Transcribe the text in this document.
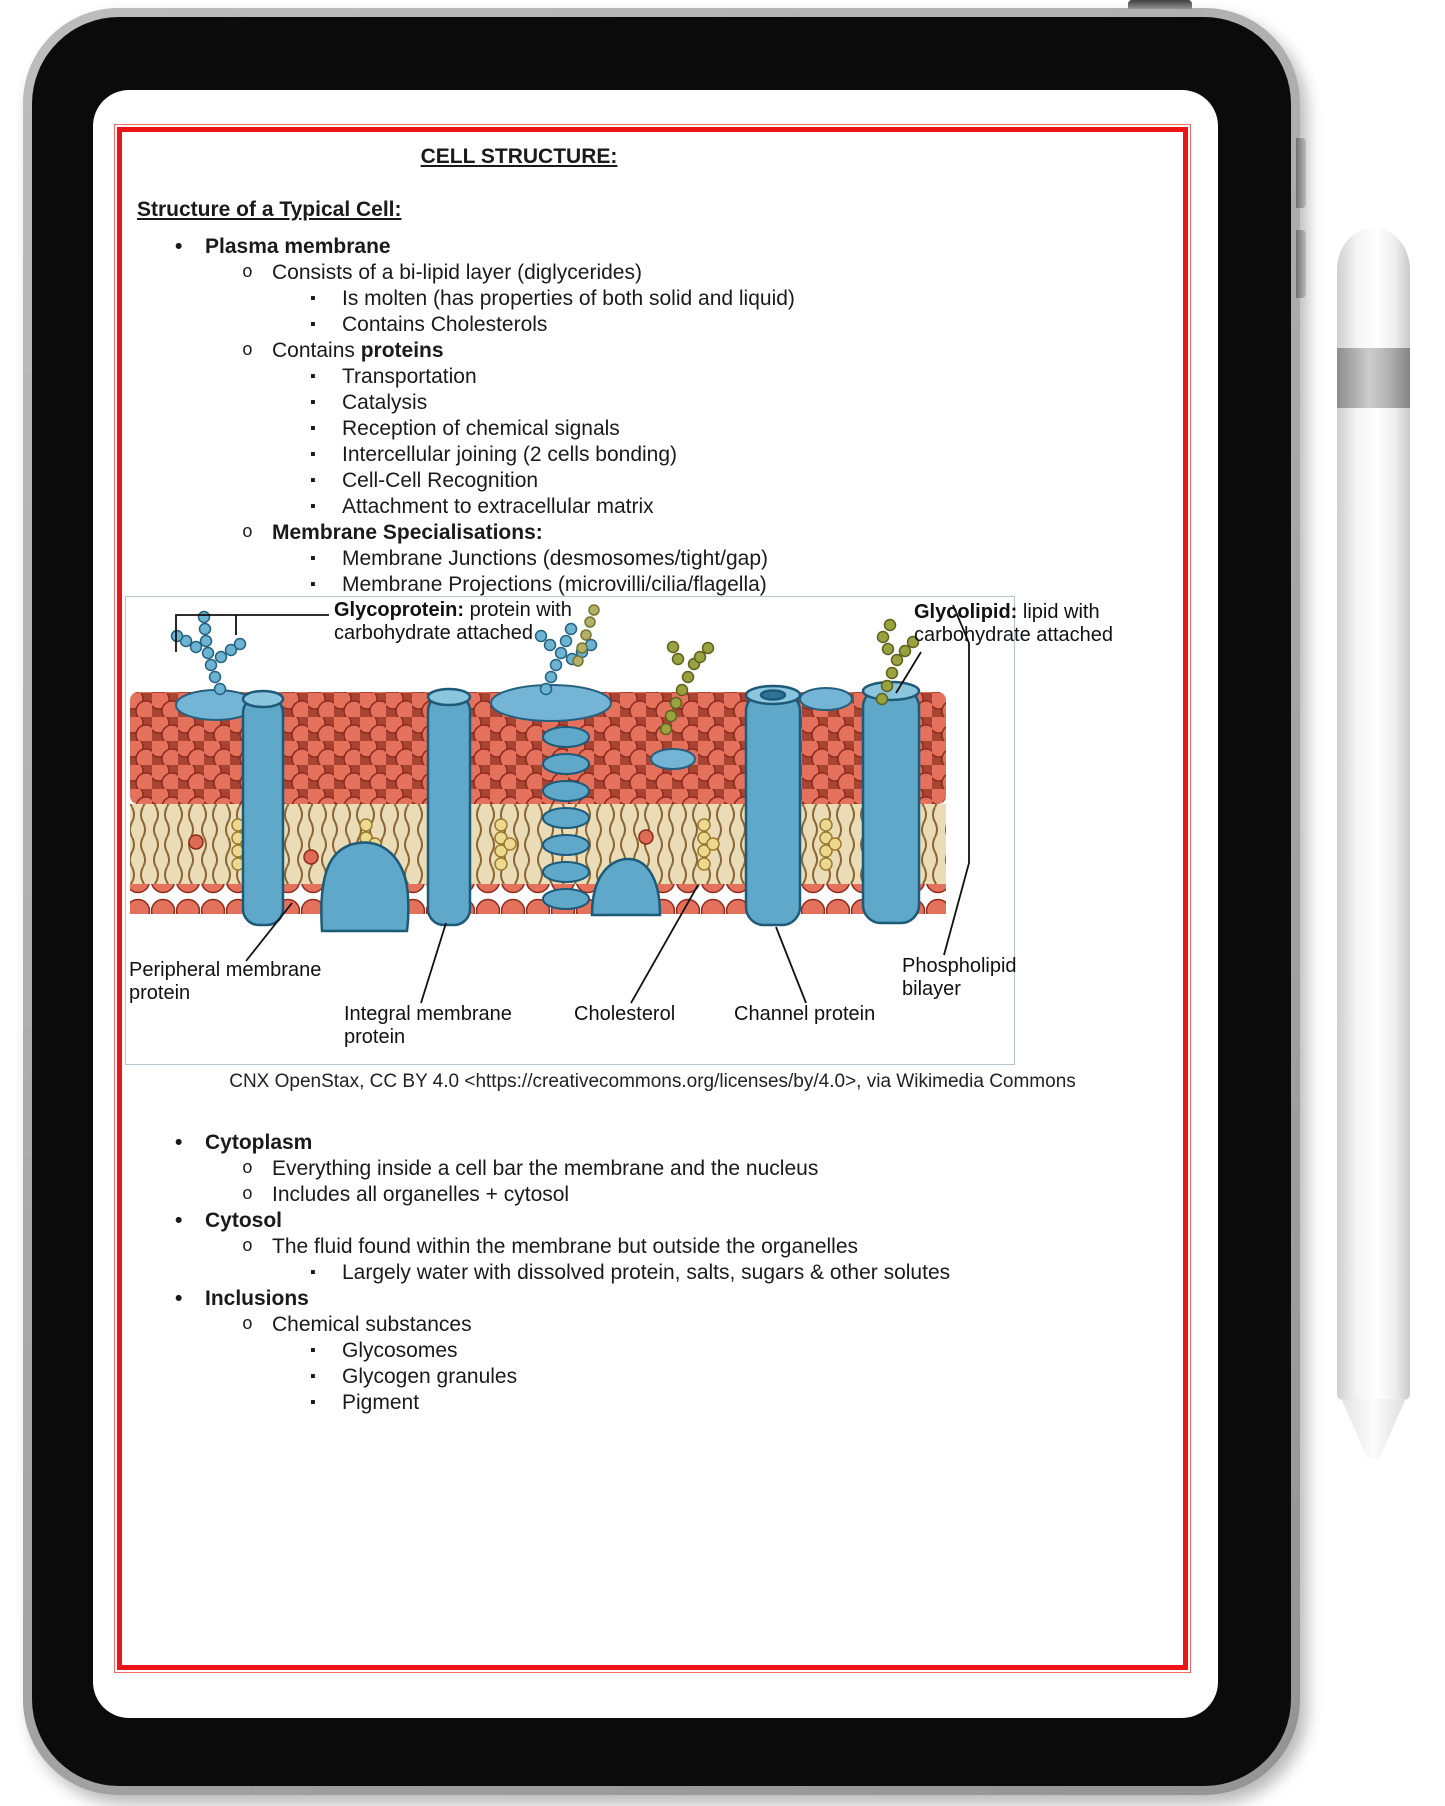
CELL STRUCTURE:
Structure of a Typical Cell:
• Plasma membrane
o Consists of a bi-lipid layer (diglycerides)
▪ Is molten (has properties of both solid and liquid)
▪ Contains Cholesterols
o Contains proteins
▪ Transportation
▪ Catalysis
▪ Reception of chemical signals
▪ Intercellular joining (2 cells bonding)
▪ Cell-Cell Recognition
▪ Attachment to extracellular matrix
o Membrane Specialisations:
▪ Membrane Junctions (desmosomes/tight/gap)
▪ Membrane Projections (microvilli/cilia/flagella)
Glycoprotein: protein with carbohydrate attached
Glycolipid: lipid with carbohydrate attached
Peripheral membrane protein
Integral membrane protein
Cholesterol	Channel protein
Phospholipid bilayer
CNX OpenStax, CC BY 4.0 <https://creativecommons.org/licenses/by/4.0>, via Wikimedia Commons
• Cytoplasm
o Everything inside a cell bar the membrane and the nucleus
o Includes all organelles + cytosol
• Cytosol
o The fluid found within the membrane but outside the organelles
▪ Largely water with dissolved protein, salts, sugars & other solutes
• Inclusions
o Chemical substances
▪ Glycosomes
▪ Glycogen granules
▪ Pigment
